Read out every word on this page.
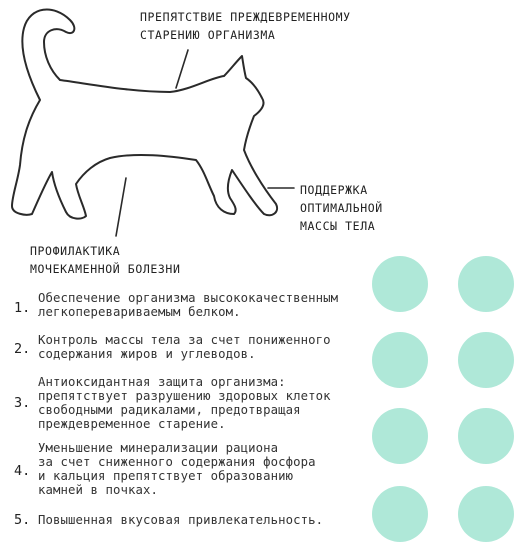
ПРЕПЯТСТВИЕ ПРЕЖДЕВРЕМЕННОМУ
СТАРЕНИЮ ОРГАНИЗМА
ПОДДЕРЖКА
ОПТИМАЛЬНОЙ
МАССЫ ТЕЛА
ПРОФИЛАКТИКА
МОЧЕКАМЕННОЙ БОЛЕЗНИ
1.
Обеспечение организма высококачественным
легкоперевариваемым белком.
2.
Контроль массы тела за счет пониженного
содержания жиров и углеводов.
3.
Антиоксидантная защита организма:
препятствует разрушению здоровых клеток
свободными радикалами, предотвращая
преждевременное старение.
4.
Уменьшение минерализации рациона
за счет сниженного содержания фосфора
и кальция препятствует образованию
камней в почках.
5. Повышенная вкусовая привлекательность.
